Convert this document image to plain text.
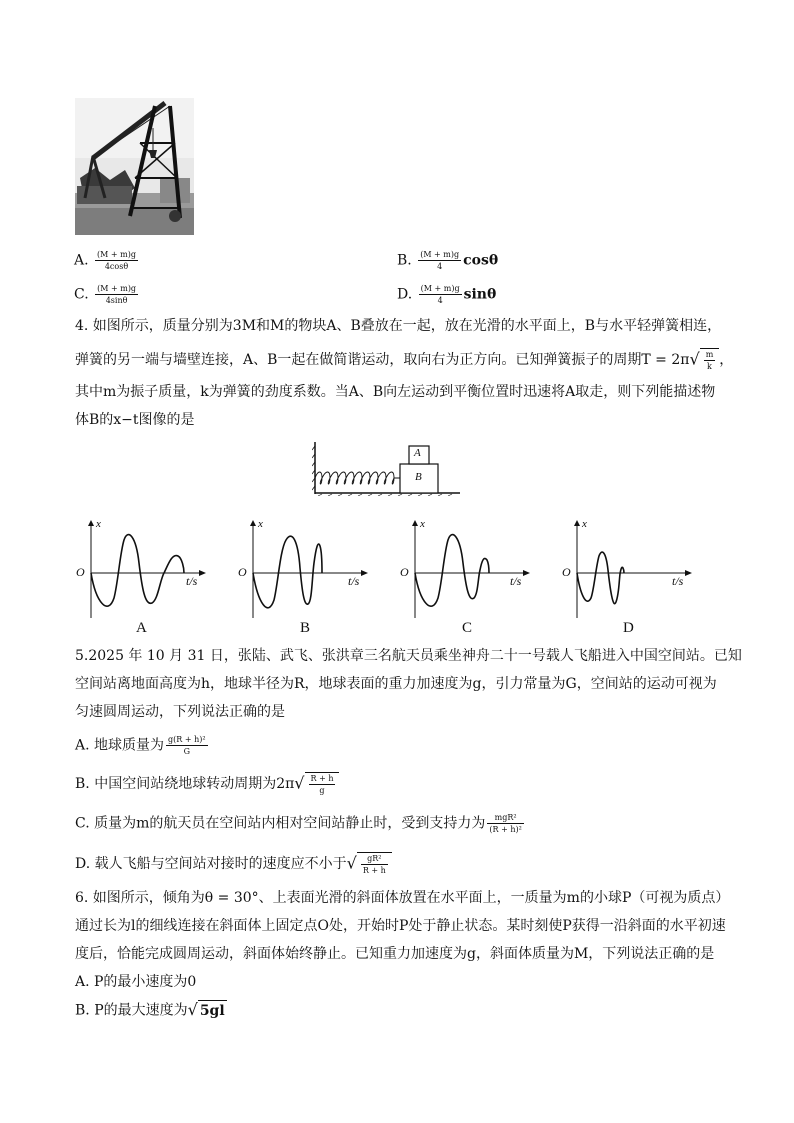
A. $\frac{(M + m)g}{4\cos\theta}$	B. $\frac{(M + m)g}{4}$ cosθ
C. $\frac{(M + m)g}{4\sin\theta}$	D. $\frac{(M + m)g}{4}$ sinθ
4. 如图所示，质量分别为3M和M的物块A、B叠放在一起，放在光滑的水平面上，B与水平轻弹簧相连，
弹簧的另一端与墙壁连接，A、B一起在做简谐运动，取向右为正方向。已知弹簧振子的周期$T = 2\pi√ \frac{m}{k}$ ，
其中m为振子质量，k为弹簧的劲度系数。当A、B向左运动到平衡位置时迅速将A取走，则下列能描述物
体B的x−t图像的是
A
B
x
O
t/s
A
x
O
t/s
B
x
O
t/s
C
x
O
t/s
D
5.2025 年 10 月 31 日，张陆、武飞、张洪章三名航天员乘坐神舟二十一号载人飞船进入中国空间站。已知
空间站离地面高度为h，地球半径为R，地球表面的重力加速度为g，引力常量为G，空间站的运动可视为
匀速圆周运动，下列说法正确的是
A. 地球质量为 $\frac{\text{g(R + h)²}}{G}$
B. 中国空间站绕地球转动周期为$2\pi√ \frac{R + h}{g}$
C. 质量为m的航天员在空间站内相对空间站静止时，受到支持力为 $\frac{\text{mgR²}}{\text{(R + h)²}}$
D. 载人飞船与空间站对接时的速度应不小于√ $\frac{\text{gR²}}{R + h}$
6. 如图所示，倾角为θ = 30°、上表面光滑的斜面体放置在水平面上，一质量为m的小球P（可视为质点）
通过长为l的细线连接在斜面体上固定点O处，开始时P处于静止状态。某时刻使P获得一沿斜面的水平初速
度后，恰能完成圆周运动，斜面体始终静止。已知重力加速度为g，斜面体质量为M，下列说法正确的是
A. P的最小速度为0
B. P的最大速度为√ 5gl
